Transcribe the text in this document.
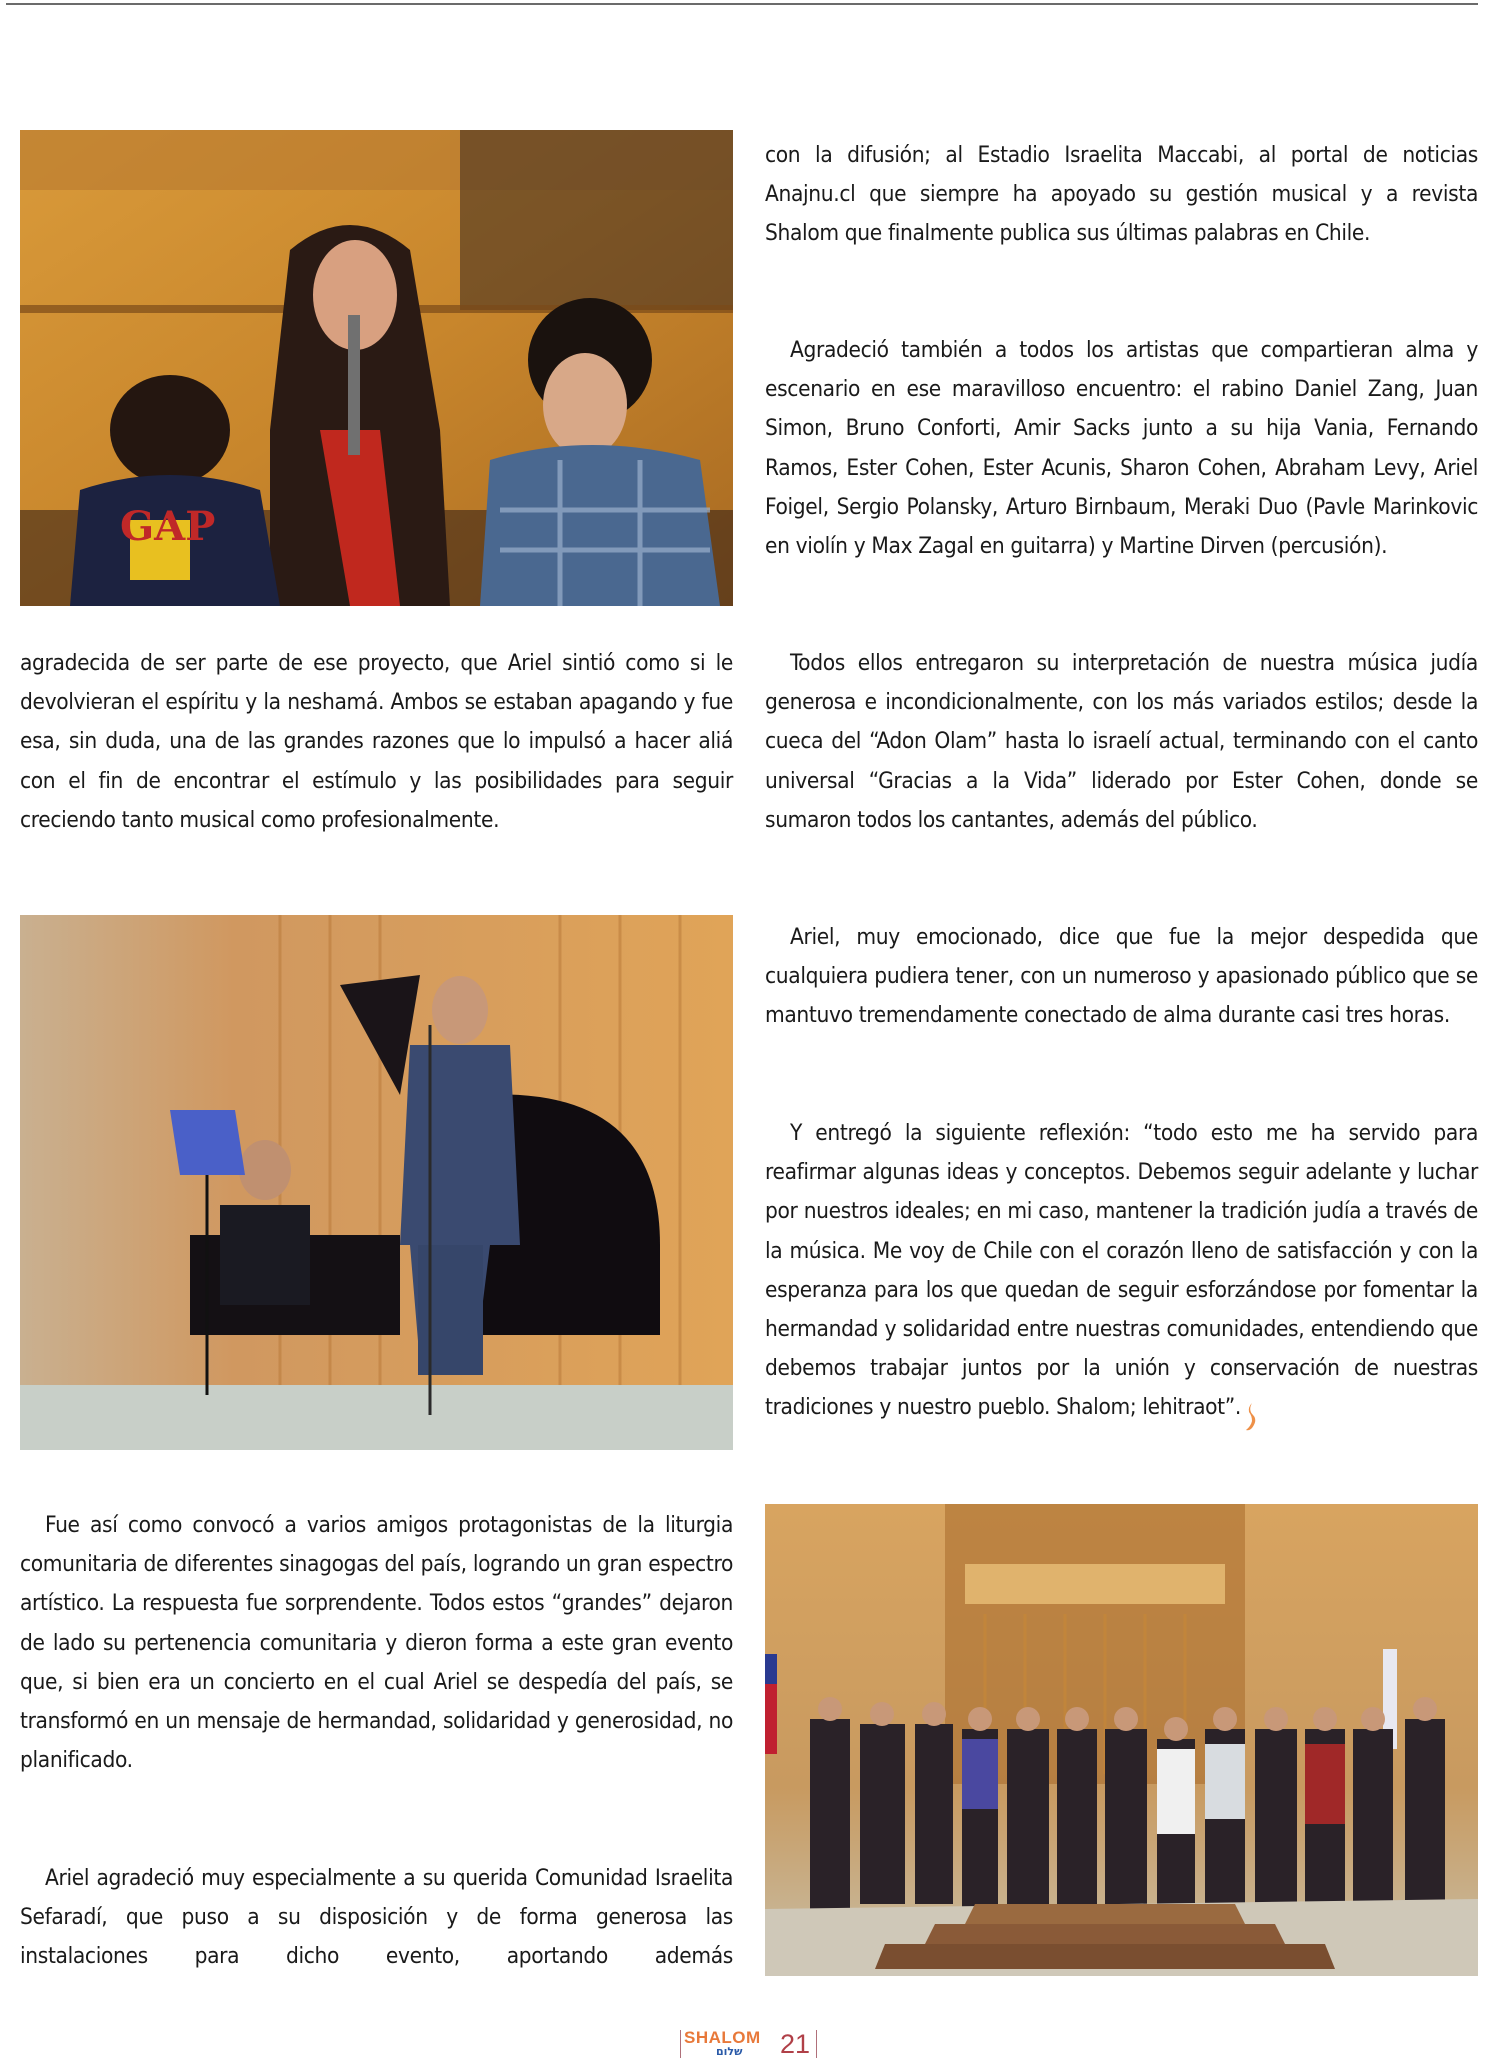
GAP

con la difusión; al Estadio Israelita Maccabi, al portal de noticias Anajnu.cl que siempre ha apoyado su gestión musical y a revista Shalom que finalmente publica sus últimas palabras en Chile.

Agradeció también a todos los artistas que compartieran alma y escenario en ese maravilloso encuentro: el rabino Daniel Zang, Juan Simon, Bruno Conforti, Amir Sacks junto a su hija Vania, Fernando Ramos, Ester Cohen, Ester Acunis, Sharon Cohen, Abraham Levy, Ariel Foigel, Sergio Polansky, Arturo Birnbaum, Meraki Duo (Pavle Marinkovic en violín y Max Zagal en guitarra) y Martine Dirven (percusión).

agradecida de ser parte de ese proyecto, que Ariel sintió como si le devolvieran el espíritu y la neshamá. Ambos se estaban apagando y fue esa, sin duda, una de las grandes razones que lo impulsó a hacer aliá con el fin de encontrar el estímulo y las posibilidades para seguir creciendo tanto musical como profesionalmente.

Todos ellos entregaron su interpretación de nuestra música judía generosa e incondicionalmente, con los más variados estilos; desde la cueca del “Adon Olam” hasta lo israelí actual, terminando con el canto universal “Gracias a la Vida” liderado por Ester Cohen, donde se sumaron todos los cantantes, además del público.

Ariel, muy emocionado, dice que fue la mejor despedida que cualquiera pudiera tener, con un numeroso y apasionado público que se mantuvo tremendamente conectado de alma durante casi tres horas.

Y entregó la siguiente reflexión: “todo esto me ha servido para reafirmar algunas ideas y conceptos. Debemos seguir adelante y luchar por nuestros ideales; en mi caso, mantener la tradición judía a través de la música. Me voy de Chile con el corazón lleno de satisfacción y con la esperanza para los que quedan de seguir esforzándose por fomentar la hermandad y solidaridad entre nuestras comunidades, entendiendo que debemos trabajar juntos por la unión y conservación de nuestras tradiciones y nuestro pueblo. Shalom; lehitraot”.

Fue así como convocó a varios amigos protagonistas de la liturgia comunitaria de diferentes sinagogas del país, logrando un gran espectro artístico. La respuesta fue sorprendente. Todos estos “grandes” dejaron de lado su pertenencia comunitaria y dieron forma a este gran evento que, si bien era un concierto en el cual Ariel se despedía del país, se transformó en un mensaje de hermandad, solidaridad y generosidad, no planificado.

Ariel agradeció muy especialmente a su querida Comunidad Israelita Sefaradí, que puso a su disposición y de forma generosa las instalaciones para dicho evento, aportando además

SHALOM
שלום 21
